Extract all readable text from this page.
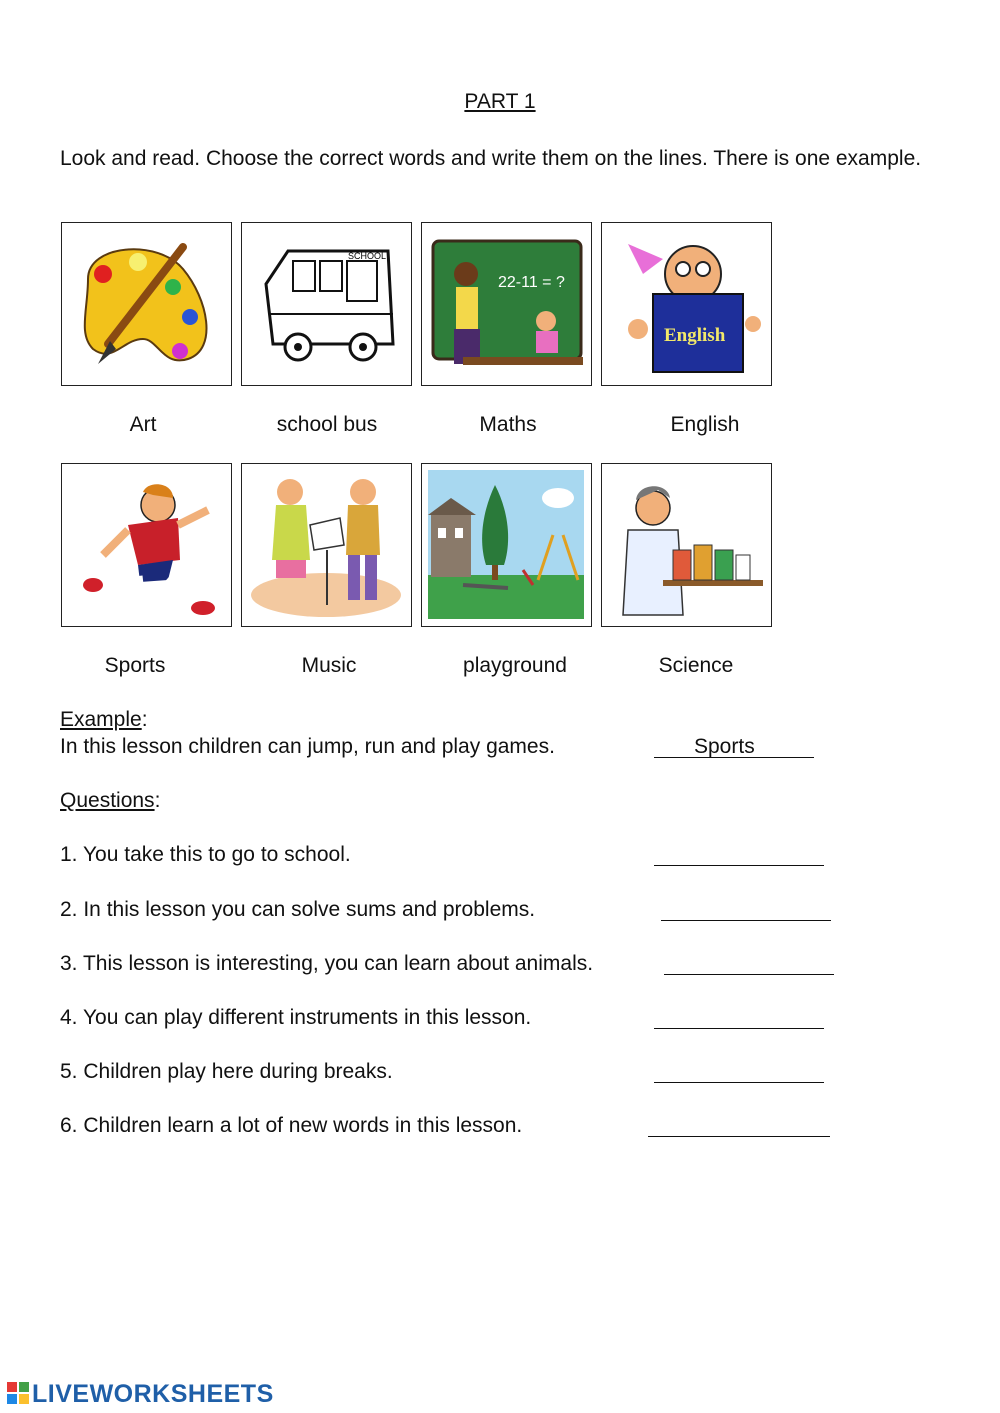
PART 1
Look and read. Choose the correct words and write them on the lines. There is one example.
SCHOOL
22-11 = ?
English
Art	school bus	Maths	English
Sports	Music	playground	Science
Example:
In this lesson children can jump, run and play games.	Sports
Questions:
1. You take this to go to school.
2. In this lesson you can solve sums and problems.
3. This lesson is interesting, you can learn about animals.
4. You can play different instruments in this lesson.
5. Children play here during breaks.
6. Children learn a lot of new words in this lesson.
LIVEWORKSHEETS
